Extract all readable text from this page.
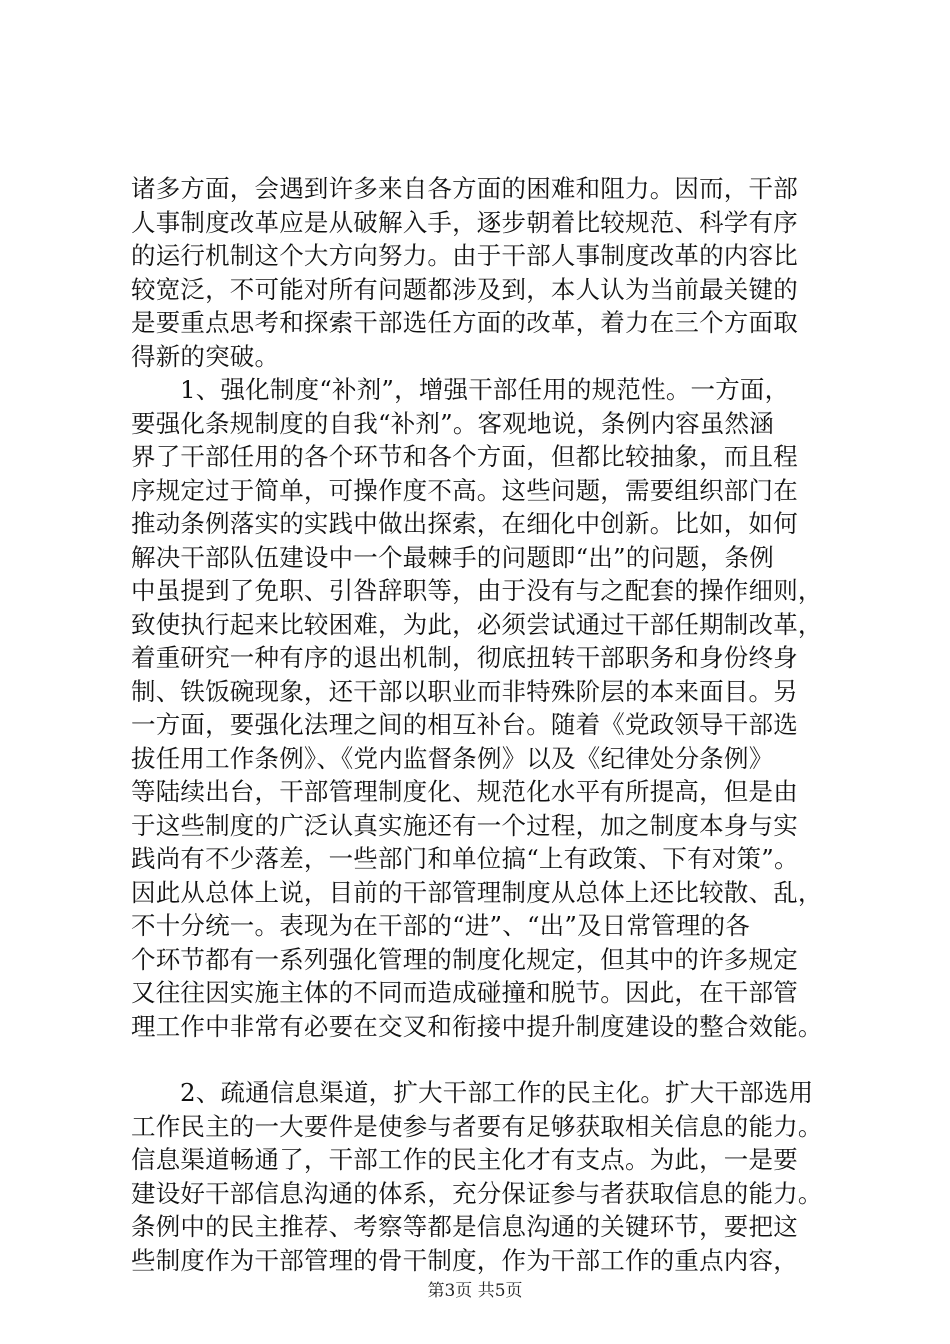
诸多方面，会遇到许多来自各方面的困难和阻力。因而，干部
人事制度改革应是从破解入手，逐步朝着比较规范、科学有序
的运行机制这个大方向努力。由于干部人事制度改革的内容比
较宽泛，不可能对所有问题都涉及到，本人认为当前最关键的
是要重点思考和探索干部选任方面的改革，着力在三个方面取
得新的突破。
1、强化制度“补剂”，增强干部任用的规范性。一方面，
要强化条规制度的自我“补剂”。客观地说，条例内容虽然涵
界了干部任用的各个环节和各个方面，但都比较抽象，而且程
序规定过于简单，可操作度不高。这些问题，需要组织部门在
推动条例落实的实践中做出探索，在细化中创新。比如，如何
解决干部队伍建设中一个最棘手的问题即“出”的问题，条例
中虽提到了免职、引咎辞职等，由于没有与之配套的操作细则，
致使执行起来比较困难，为此，必须尝试通过干部任期制改革，
着重研究一种有序的退出机制，彻底扭转干部职务和身份终身
制、铁饭碗现象，还干部以职业而非特殊阶层的本来面目。另
一方面，要强化法理之间的相互补台。随着《党政领导干部选
拔任用工作条例》、《党内监督条例》以及《纪律处分条例》
等陆续出台，干部管理制度化、规范化水平有所提高，但是由
于这些制度的广泛认真实施还有一个过程，加之制度本身与实
践尚有不少落差，一些部门和单位搞“上有政策、下有对策”。
因此从总体上说，目前的干部管理制度从总体上还比较散、乱，
不十分统一。表现为在干部的“进”、“出”及日常管理的各
个环节都有一系列强化管理的制度化规定，但其中的许多规定
又往往因实施主体的不同而造成碰撞和脱节。因此，在干部管
理工作中非常有必要在交叉和衔接中提升制度建设的整合效能。
2、疏通信息渠道，扩大干部工作的民主化。扩大干部选用
工作民主的一大要件是使参与者要有足够获取相关信息的能力。
信息渠道畅通了，干部工作的民主化才有支点。为此，一是要
建设好干部信息沟通的体系，充分保证参与者获取信息的能力。
条例中的民主推荐、考察等都是信息沟通的关键环节，要把这
些制度作为干部管理的骨干制度，作为干部工作的重点内容，
第3页 共5页
